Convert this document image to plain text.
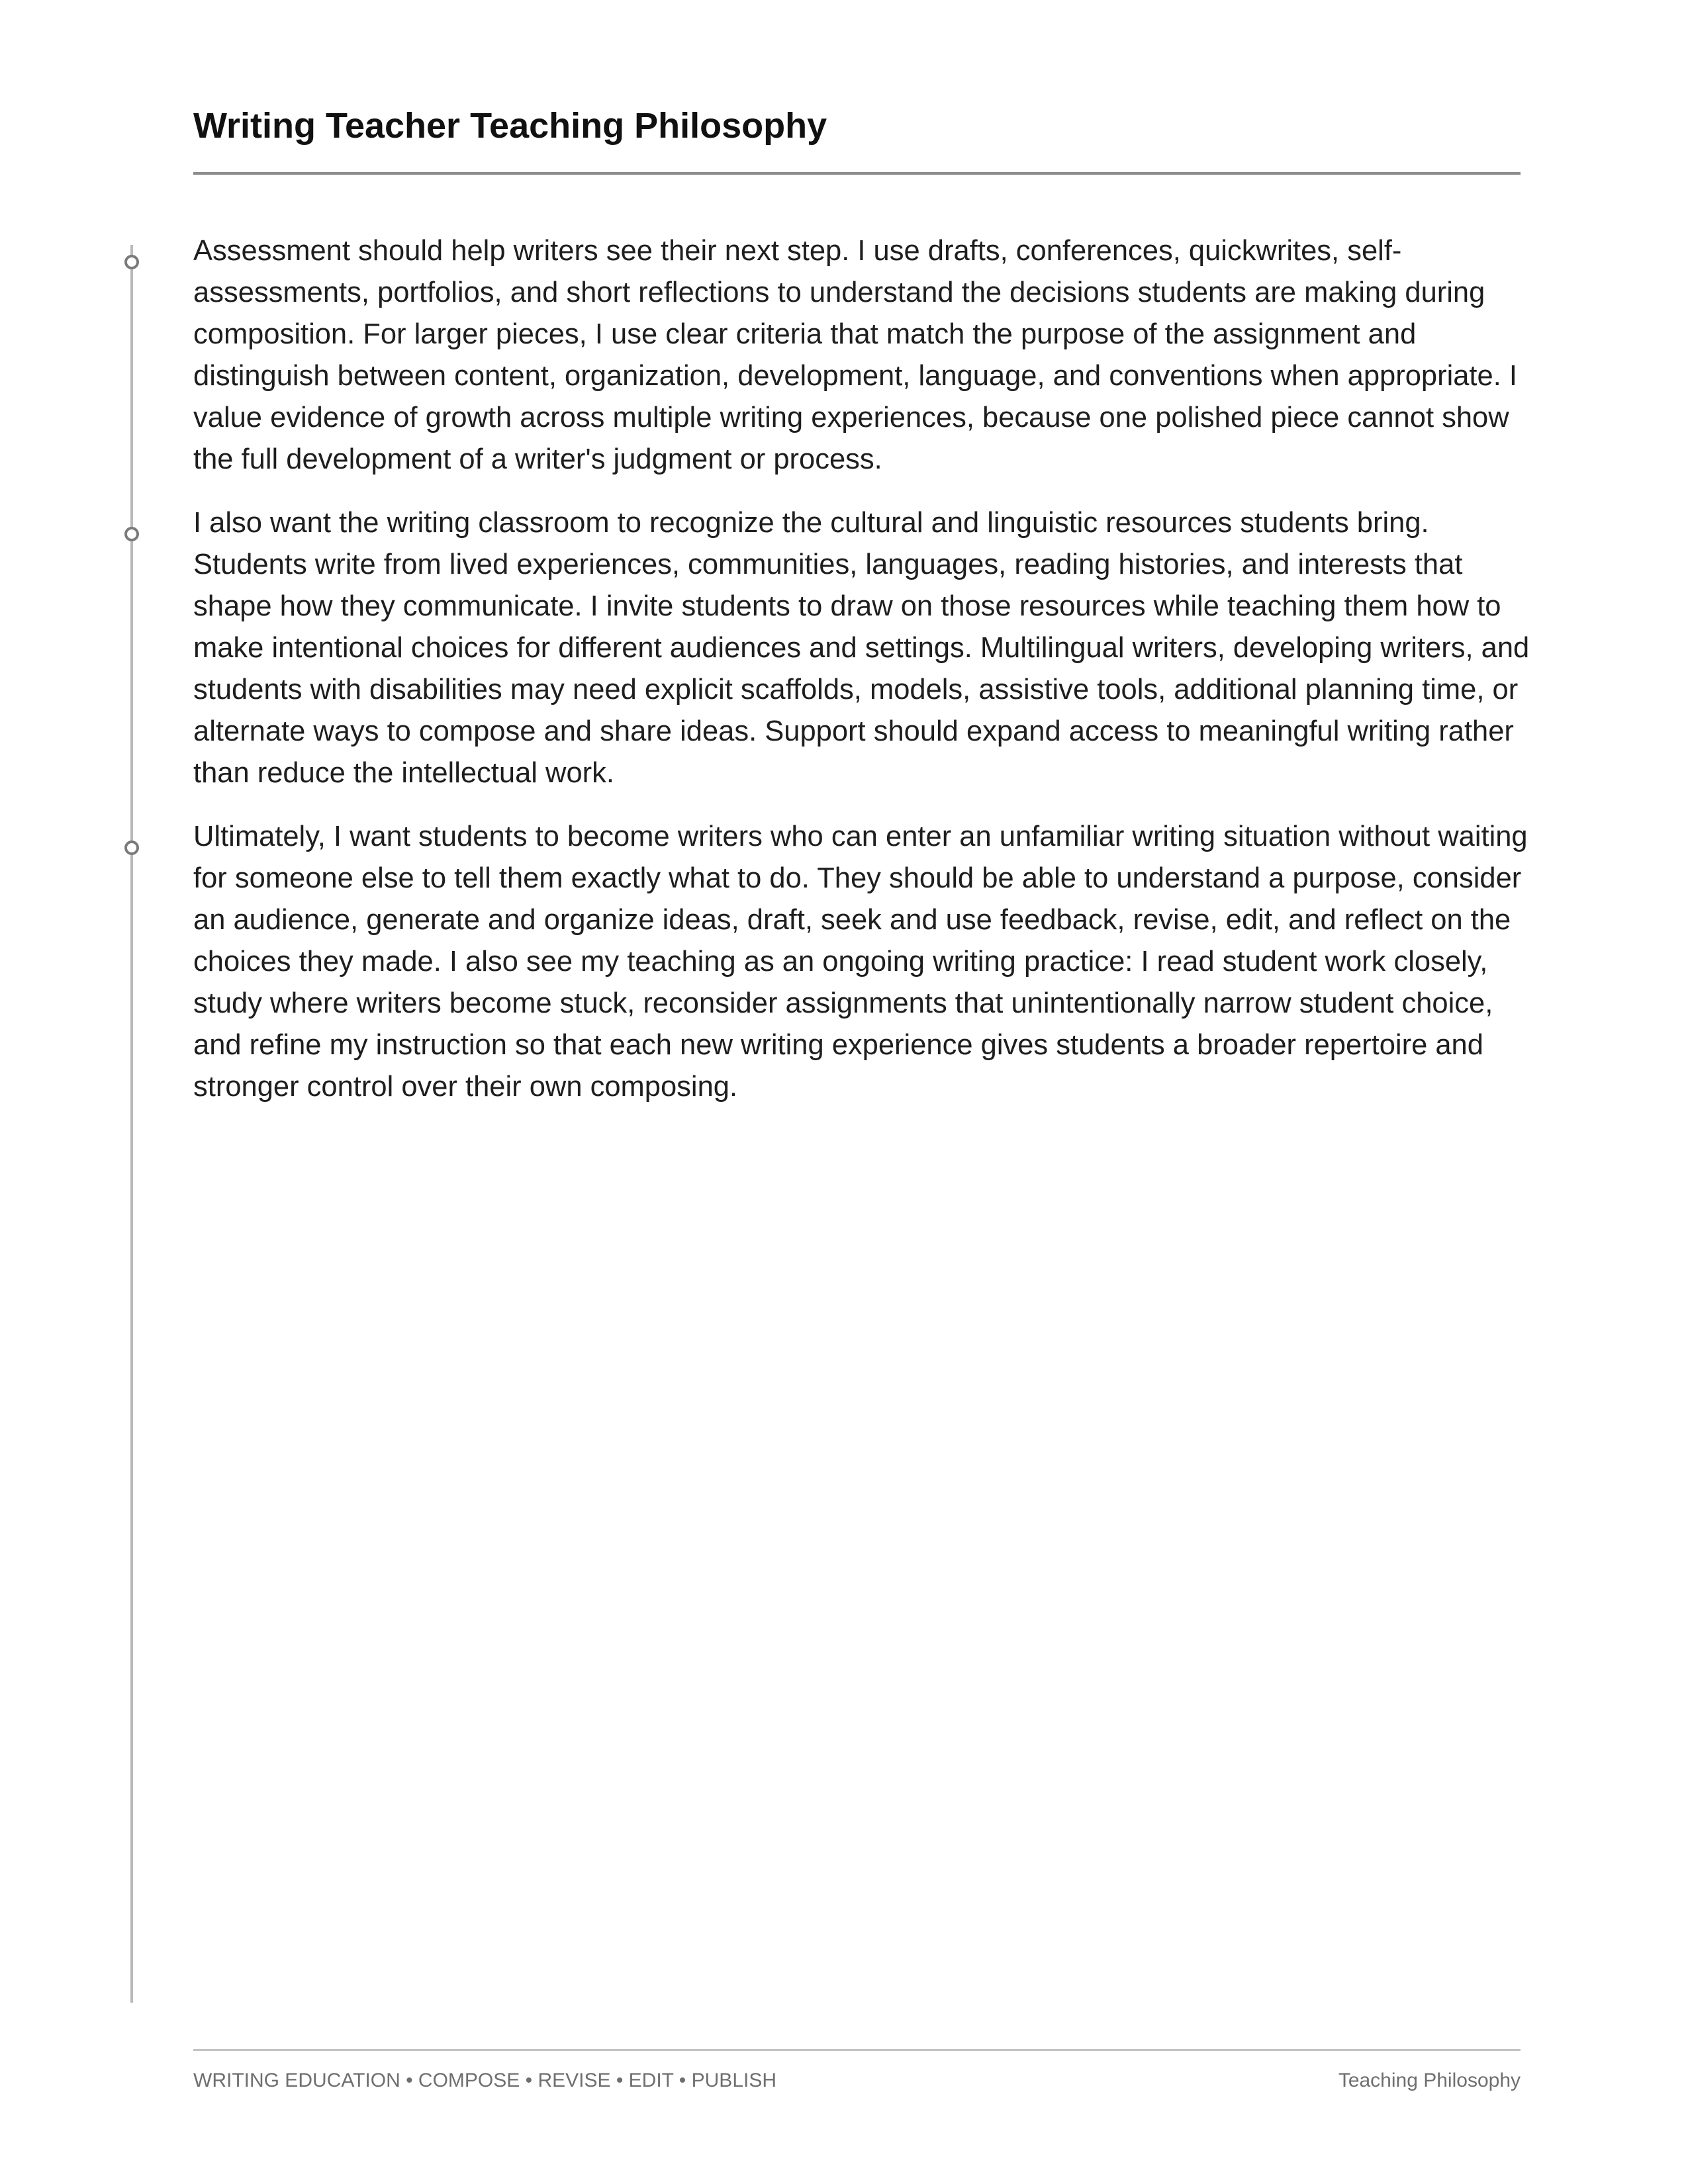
Writing Teacher Teaching Philosophy

Assessment should help writers see their next step. I use drafts, conferences, quickwrites, self-assessments, portfolios, and short reflections to understand the decisions students are making during composition. For larger pieces, I use clear criteria that match the purpose of the assignment and distinguish between content, organization, development, language, and conventions when appropriate. I value evidence of growth across multiple writing experiences, because one polished piece cannot show the full development of a writer's judgment or process.

I also want the writing classroom to recognize the cultural and linguistic resources students bring. Students write from lived experiences, communities, languages, reading histories, and interests that shape how they communicate. I invite students to draw on those resources while teaching them how to make intentional choices for different audiences and settings. Multilingual writers, developing writers, and students with disabilities may need explicit scaffolds, models, assistive tools, additional planning time, or alternate ways to compose and share ideas. Support should expand access to meaningful writing rather than reduce the intellectual work.

Ultimately, I want students to become writers who can enter an unfamiliar writing situation without waiting for someone else to tell them exactly what to do. They should be able to understand a purpose, consider an audience, generate and organize ideas, draft, seek and use feedback, revise, edit, and reflect on the choices they made. I also see my teaching as an ongoing writing practice: I read student work closely, study where writers become stuck, reconsider assignments that unintentionally narrow student choice, and refine my instruction so that each new writing experience gives students a broader repertoire and stronger control over their own composing.

WRITING EDUCATION • COMPOSE • REVISE • EDIT • PUBLISH	Teaching Philosophy
